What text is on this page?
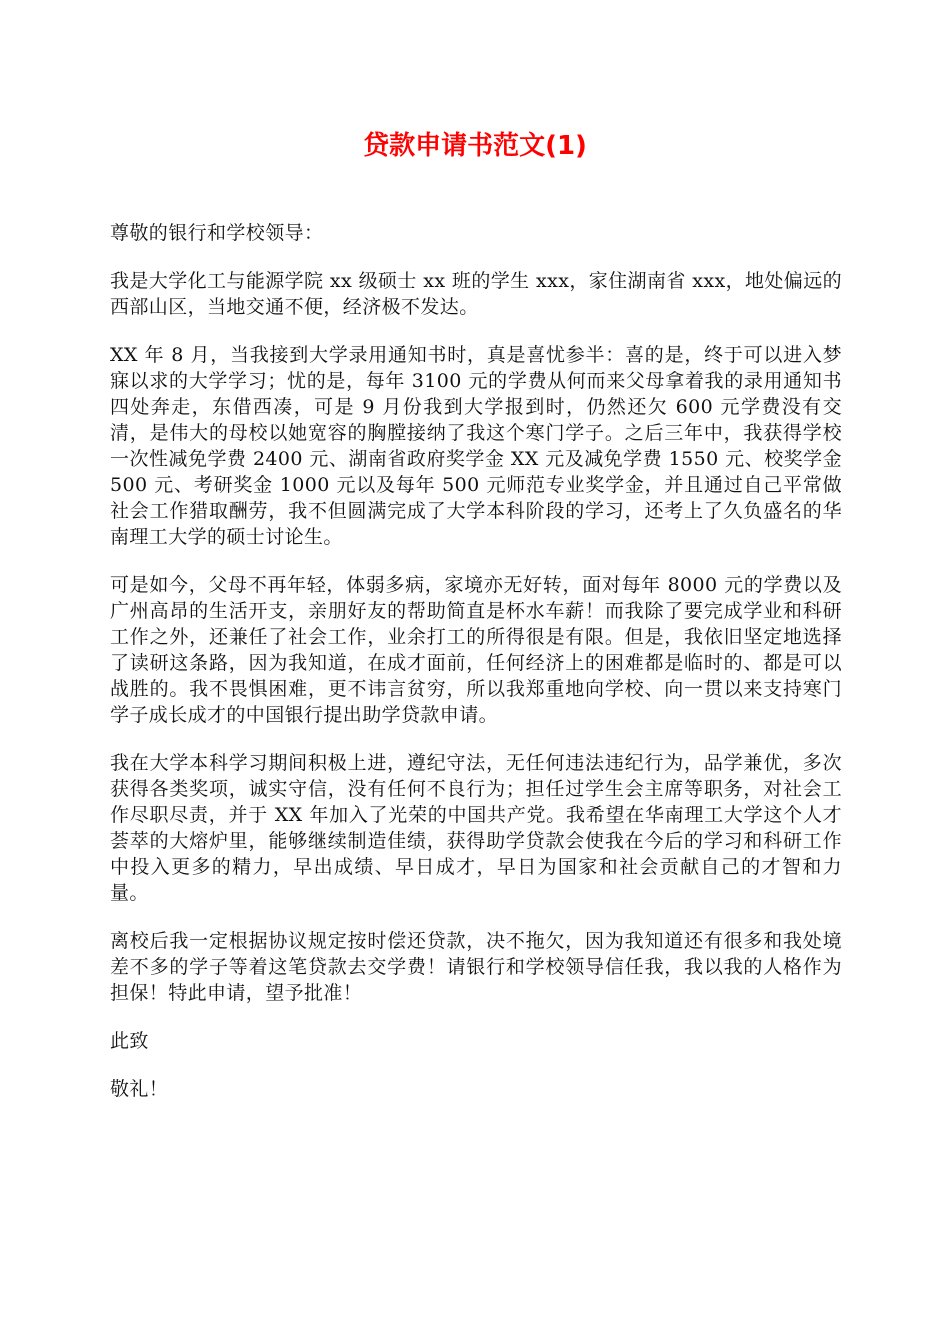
贷款申请书范文(1)

尊敬的银行和学校领导：

我是大学化工与能源学院 xx 级硕士 xx 班的学生 xxx，家住湖南省 xxx，地处偏远的西部山区，当地交通不便，经济极不发达。

XX 年 8 月，当我接到大学录用通知书时，真是喜忧参半：喜的是，终于可以进入梦寐以求的大学学习；忧的是，每年 3100 元的学费从何而来父母拿着我的录用通知书四处奔走，东借西凑，可是 9 月份我到大学报到时，仍然还欠 600 元学费没有交清，是伟大的母校以她宽容的胸膛接纳了我这个寒门学子。之后三年中，我获得学校一次性减免学费 2400 元、湖南省政府奖学金 XX 元及减免学费 1550 元、校奖学金 500 元、考研奖金 1000 元以及每年 500 元师范专业奖学金，并且通过自己平常做社会工作猎取酬劳，我不但圆满完成了大学本科阶段的学习，还考上了久负盛名的华南理工大学的硕士讨论生。

可是如今，父母不再年轻，体弱多病，家境亦无好转，面对每年 8000 元的学费以及广州高昂的生活开支，亲朋好友的帮助简直是杯水车薪！而我除了要完成学业和科研工作之外，还兼任了社会工作，业余打工的所得很是有限。但是，我依旧坚定地选择了读研这条路，因为我知道，在成才面前，任何经济上的困难都是临时的、都是可以战胜的。我不畏惧困难，更不讳言贫穷，所以我郑重地向学校、向一贯以来支持寒门学子成长成才的中国银行提出助学贷款申请。

我在大学本科学习期间积极上进，遵纪守法，无任何违法违纪行为，品学兼优，多次获得各类奖项，诚实守信，没有任何不良行为；担任过学生会主席等职务，对社会工作尽职尽责，并于 XX 年加入了光荣的中国共产党。我希望在华南理工大学这个人才荟萃的大熔炉里，能够继续制造佳绩，获得助学贷款会使我在今后的学习和科研工作中投入更多的精力，早出成绩、早日成才，早日为国家和社会贡献自己的才智和力量。

离校后我一定根据协议规定按时偿还贷款，决不拖欠，因为我知道还有很多和我处境差不多的学子等着这笔贷款去交学费！请银行和学校领导信任我，我以我的人格作为担保！特此申请，望予批准！

此致

敬礼！
